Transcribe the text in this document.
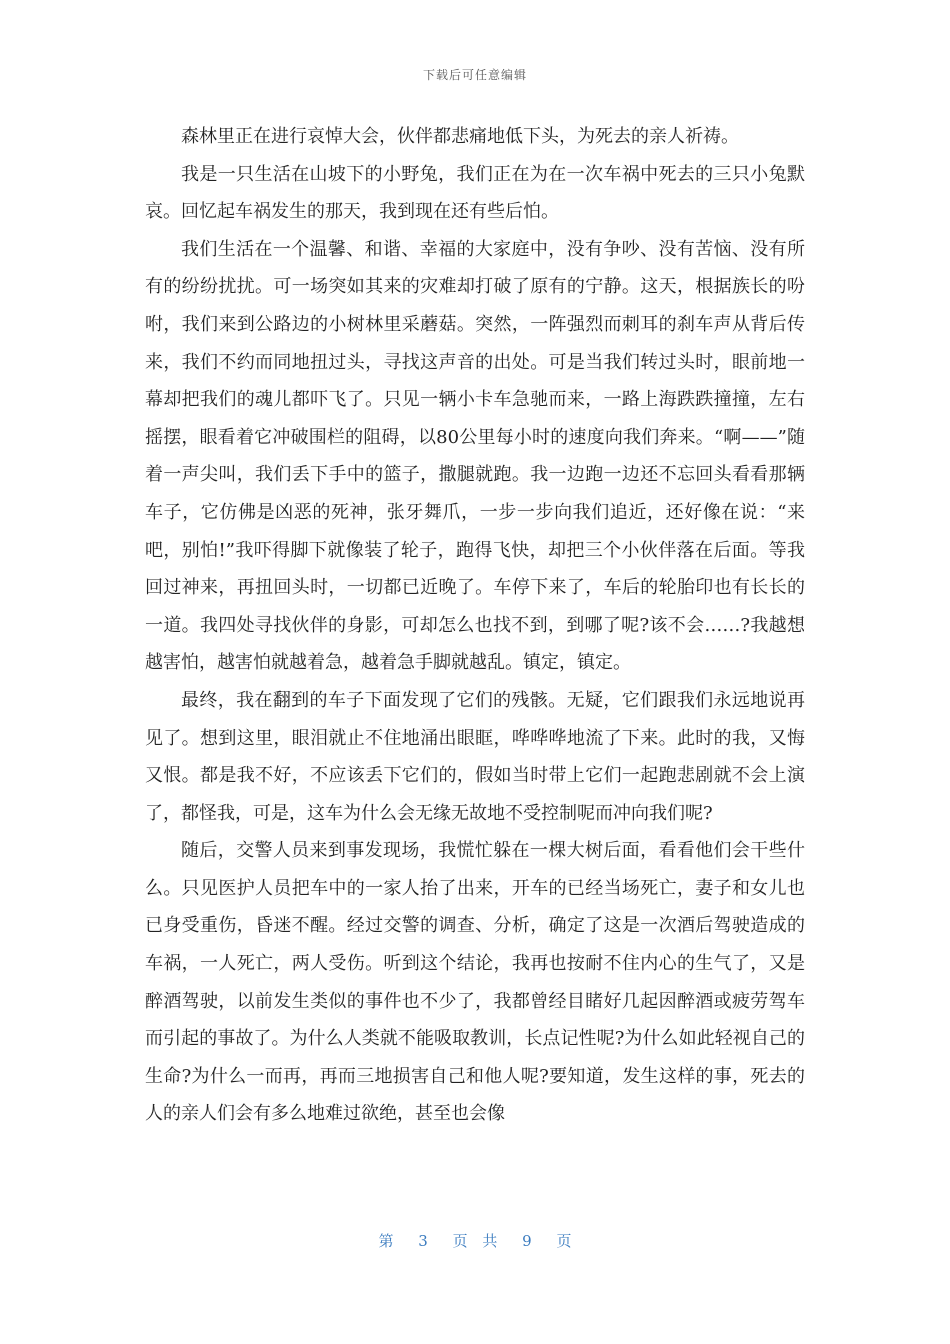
下载后可任意编辑

森林里正在进行哀悼大会，伙伴都悲痛地低下头，为死去的亲人祈祷。

我是一只生活在山坡下的小野兔，我们正在为在一次车祸中死去的三只小兔默哀。回忆起车祸发生的那天，我到现在还有些后怕。

我们生活在一个温馨、和谐、幸福的大家庭中，没有争吵、没有苦恼、没有所有的纷纷扰扰。可一场突如其来的灾难却打破了原有的宁静。这天，根据族长的吩咐，我们来到公路边的小树林里采蘑菇。突然，一阵强烈而刺耳的刹车声从背后传来，我们不约而同地扭过头，寻找这声音的出处。可是当我们转过头时，眼前地一幕却把我们的魂儿都吓飞了。只见一辆小卡车急驰而来，一路上海跌跌撞撞，左右摇摆，眼看着它冲破围栏的阻碍，以80公里每小时的速度向我们奔来。“啊——”随着一声尖叫，我们丢下手中的篮子，撒腿就跑。我一边跑一边还不忘回头看看那辆车子，它仿佛是凶恶的死神，张牙舞爪，一步一步向我们追近，还好像在说：“来吧，别怕!”我吓得脚下就像装了轮子，跑得飞快，却把三个小伙伴落在后面。等我回过神来，再扭回头时，一切都已近晚了。车停下来了，车后的轮胎印也有长长的一道。我四处寻找伙伴的身影，可却怎么也找不到，到哪了呢?该不会……?我越想越害怕，越害怕就越着急，越着急手脚就越乱。镇定，镇定。

最终，我在翻到的车子下面发现了它们的残骸。无疑，它们跟我们永远地说再见了。想到这里，眼泪就止不住地涌出眼眶，哗哗哗地流了下来。此时的我，又悔又恨。都是我不好，不应该丢下它们的，假如当时带上它们一起跑悲剧就不会上演了，都怪我，可是，这车为什么会无缘无故地不受控制呢而冲向我们呢?

随后，交警人员来到事发现场，我慌忙躲在一棵大树后面，看看他们会干些什么。只见医护人员把车中的一家人抬了出来，开车的已经当场死亡，妻子和女儿也已身受重伤，昏迷不醒。经过交警的调查、分析，确定了这是一次酒后驾驶造成的车祸，一人死亡，两人受伤。听到这个结论，我再也按耐不住内心的生气了，又是醉酒驾驶，以前发生类似的事件也不少了，我都曾经目睹好几起因醉酒或疲劳驾车而引起的事故了。为什么人类就不能吸取教训，长点记性呢?为什么如此轻视自己的生命?为什么一而再，再而三地损害自己和他人呢?要知道，发生这样的事，死去的人的亲人们会有多么地难过欲绝，甚至也会像

第 3 页 共 9 页
